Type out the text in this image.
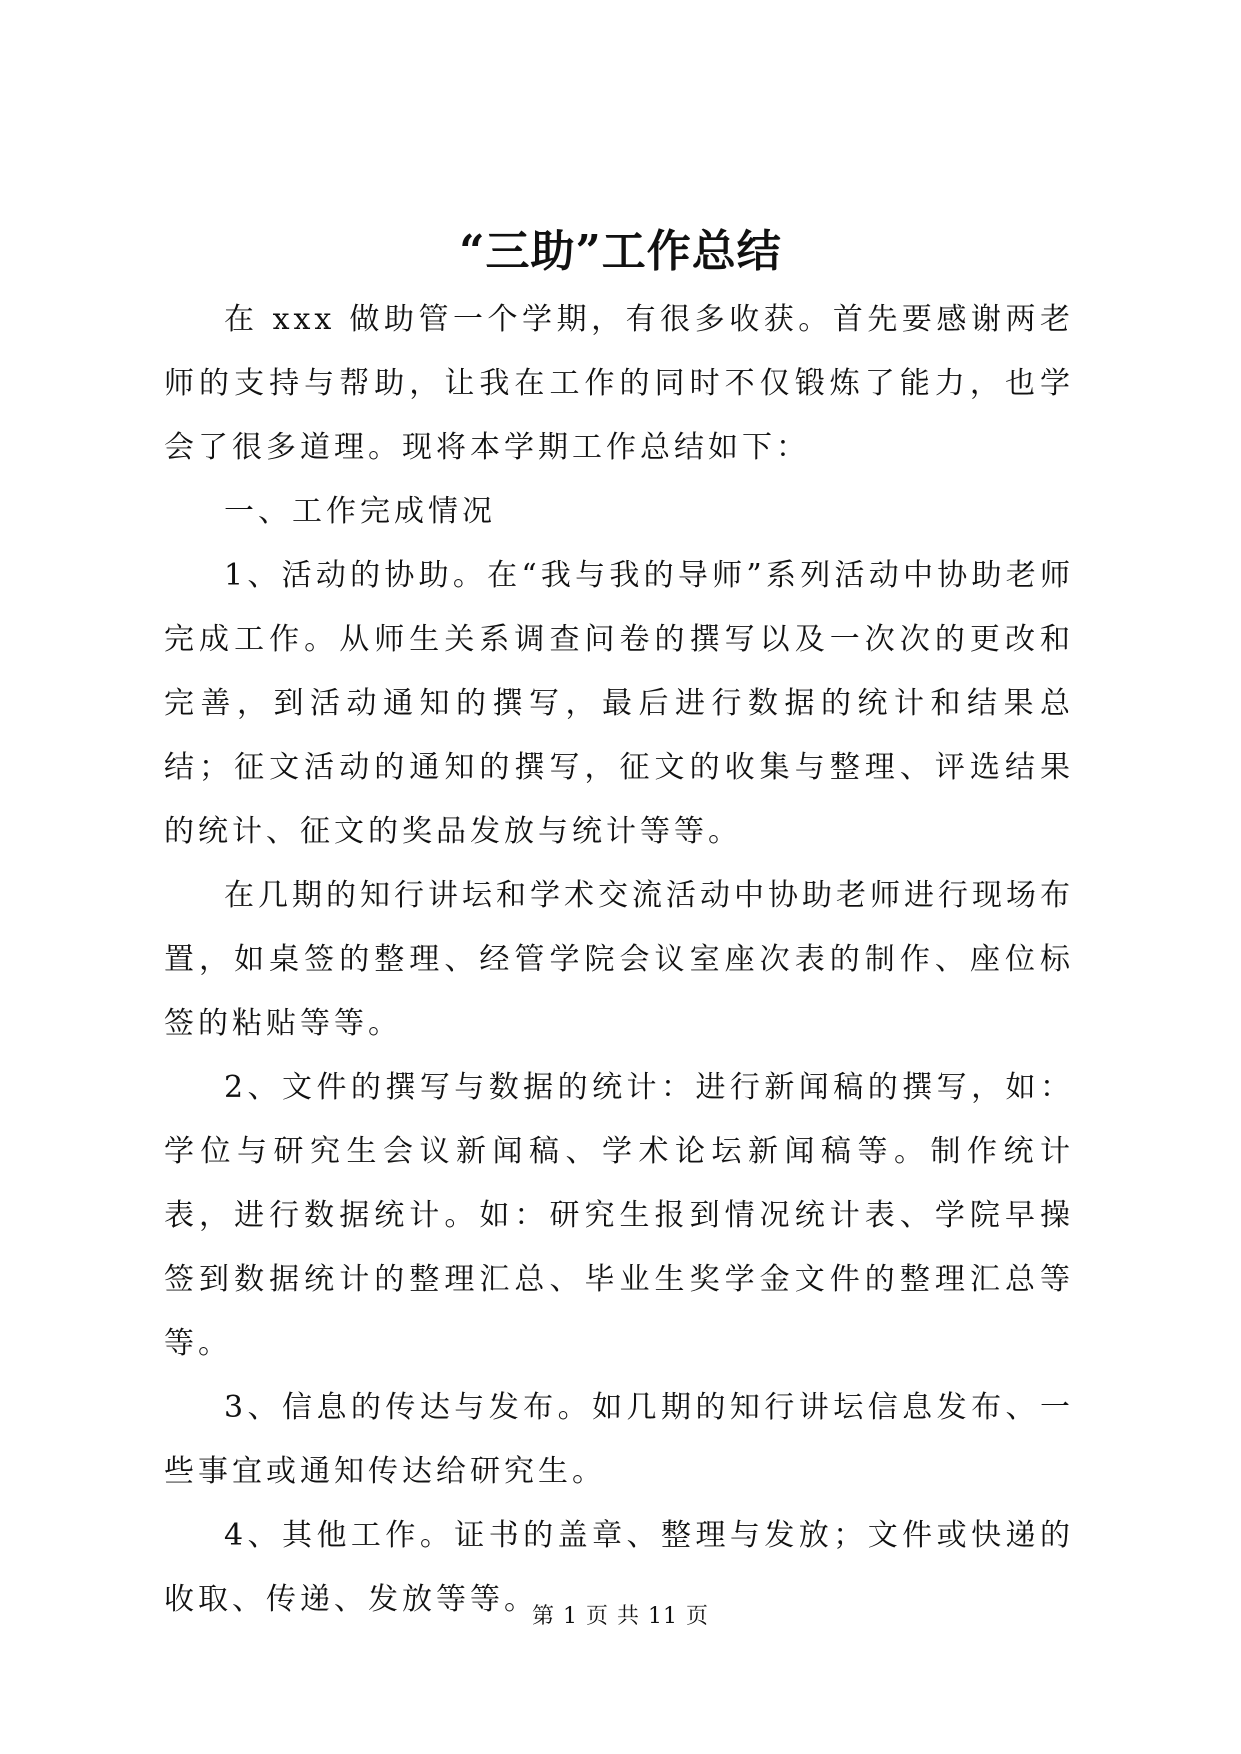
“三助”工作总结

在 xxx 做助管一个学期，有很多收获。首先要感谢两老师的支持与帮助，让我在工作的同时不仅锻炼了能力，也学会了很多道理。现将本学期工作总结如下：

一、工作完成情况

1、活动的协助。在“我与我的导师”系列活动中协助老师完成工作。从师生关系调查问卷的撰写以及一次次的更改和完善，到活动通知的撰写，最后进行数据的统计和结果总结；征文活动的通知的撰写，征文的收集与整理、评选结果的统计、征文的奖品发放与统计等等。

在几期的知行讲坛和学术交流活动中协助老师进行现场布置，如桌签的整理、经管学院会议室座次表的制作、座位标签的粘贴等等。

2、文件的撰写与数据的统计：进行新闻稿的撰写，如：学位与研究生会议新闻稿、学术论坛新闻稿等。制作统计表，进行数据统计。如：研究生报到情况统计表、学院早操签到数据统计的整理汇总、毕业生奖学金文件的整理汇总等等。

3、信息的传达与发布。如几期的知行讲坛信息发布、一些事宜或通知传达给研究生。

4、其他工作。证书的盖章、整理与发放；文件或快递的收取、传递、发放等等。

第 1 页 共 11 页
